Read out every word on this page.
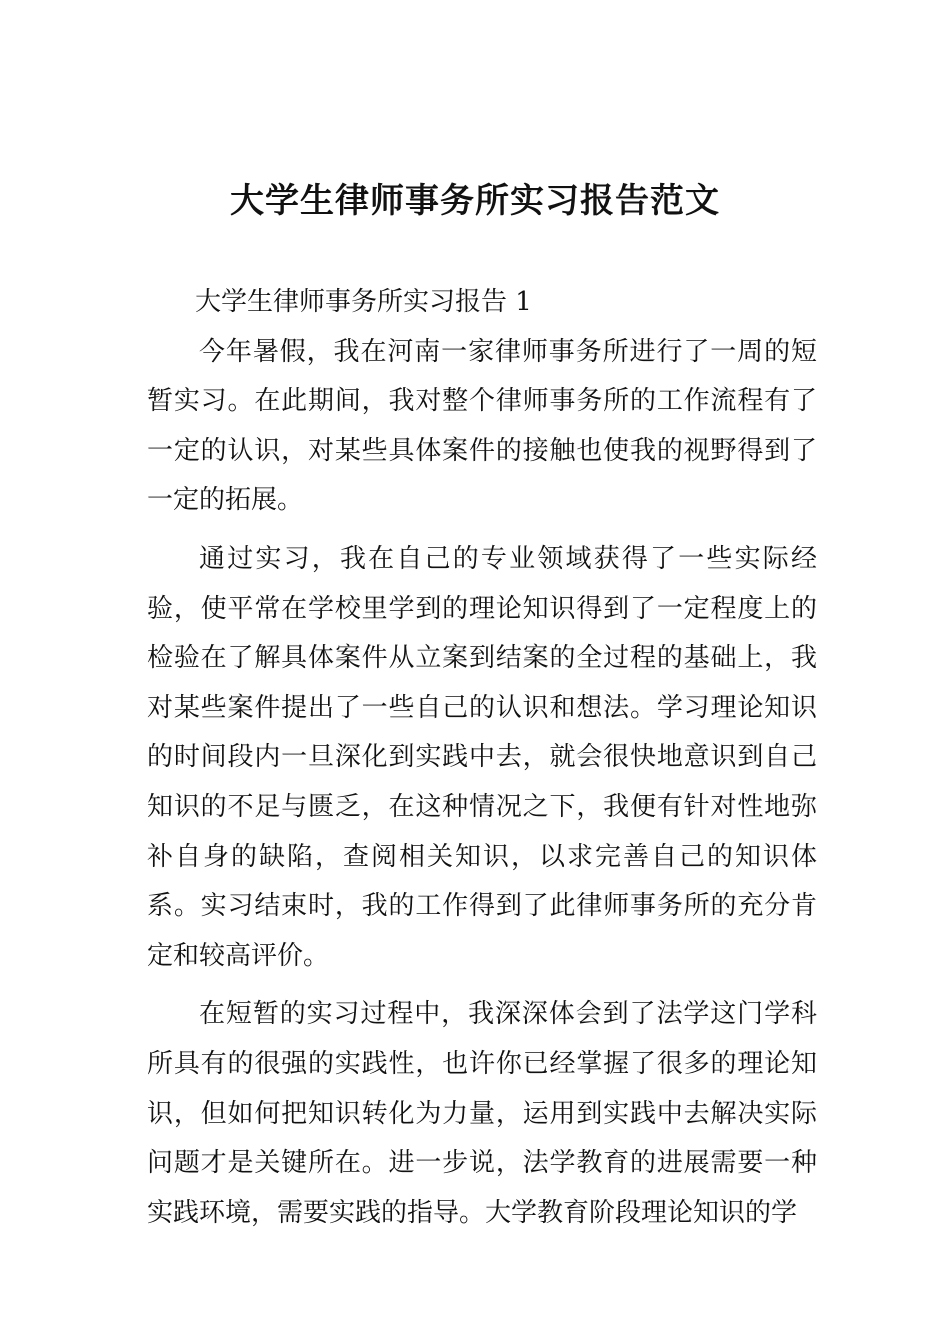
大学生律师事务所实习报告范文

大学生律师事务所实习报告 1

今年暑假，我在河南一家律师事务所进行了一周的短暂实习。在此期间，我对整个律师事务所的工作流程有了一定的认识，对某些具体案件的接触也使我的视野得到了一定的拓展。

通过实习，我在自己的专业领域获得了一些实际经验，使平常在学校里学到的理论知识得到了一定程度上的检验在了解具体案件从立案到结案的全过程的基础上，我对某些案件提出了一些自己的认识和想法。学习理论知识的时间段内一旦深化到实践中去，就会很快地意识到自己知识的不足与匮乏，在这种情况之下，我便有针对性地弥补自身的缺陷，查阅相关知识，以求完善自己的知识体系。实习结束时，我的工作得到了此律师事务所的充分肯定和较高评价。

在短暂的实习过程中，我深深体会到了法学这门学科所具有的很强的实践性，也许你已经掌握了很多的理论知识，但如何把知识转化为力量，运用到实践中去解决实际问题才是关键所在。进一步说，法学教育的进展需要一种实践环境，需要实践的指导。大学教育阶段理论知识的学
